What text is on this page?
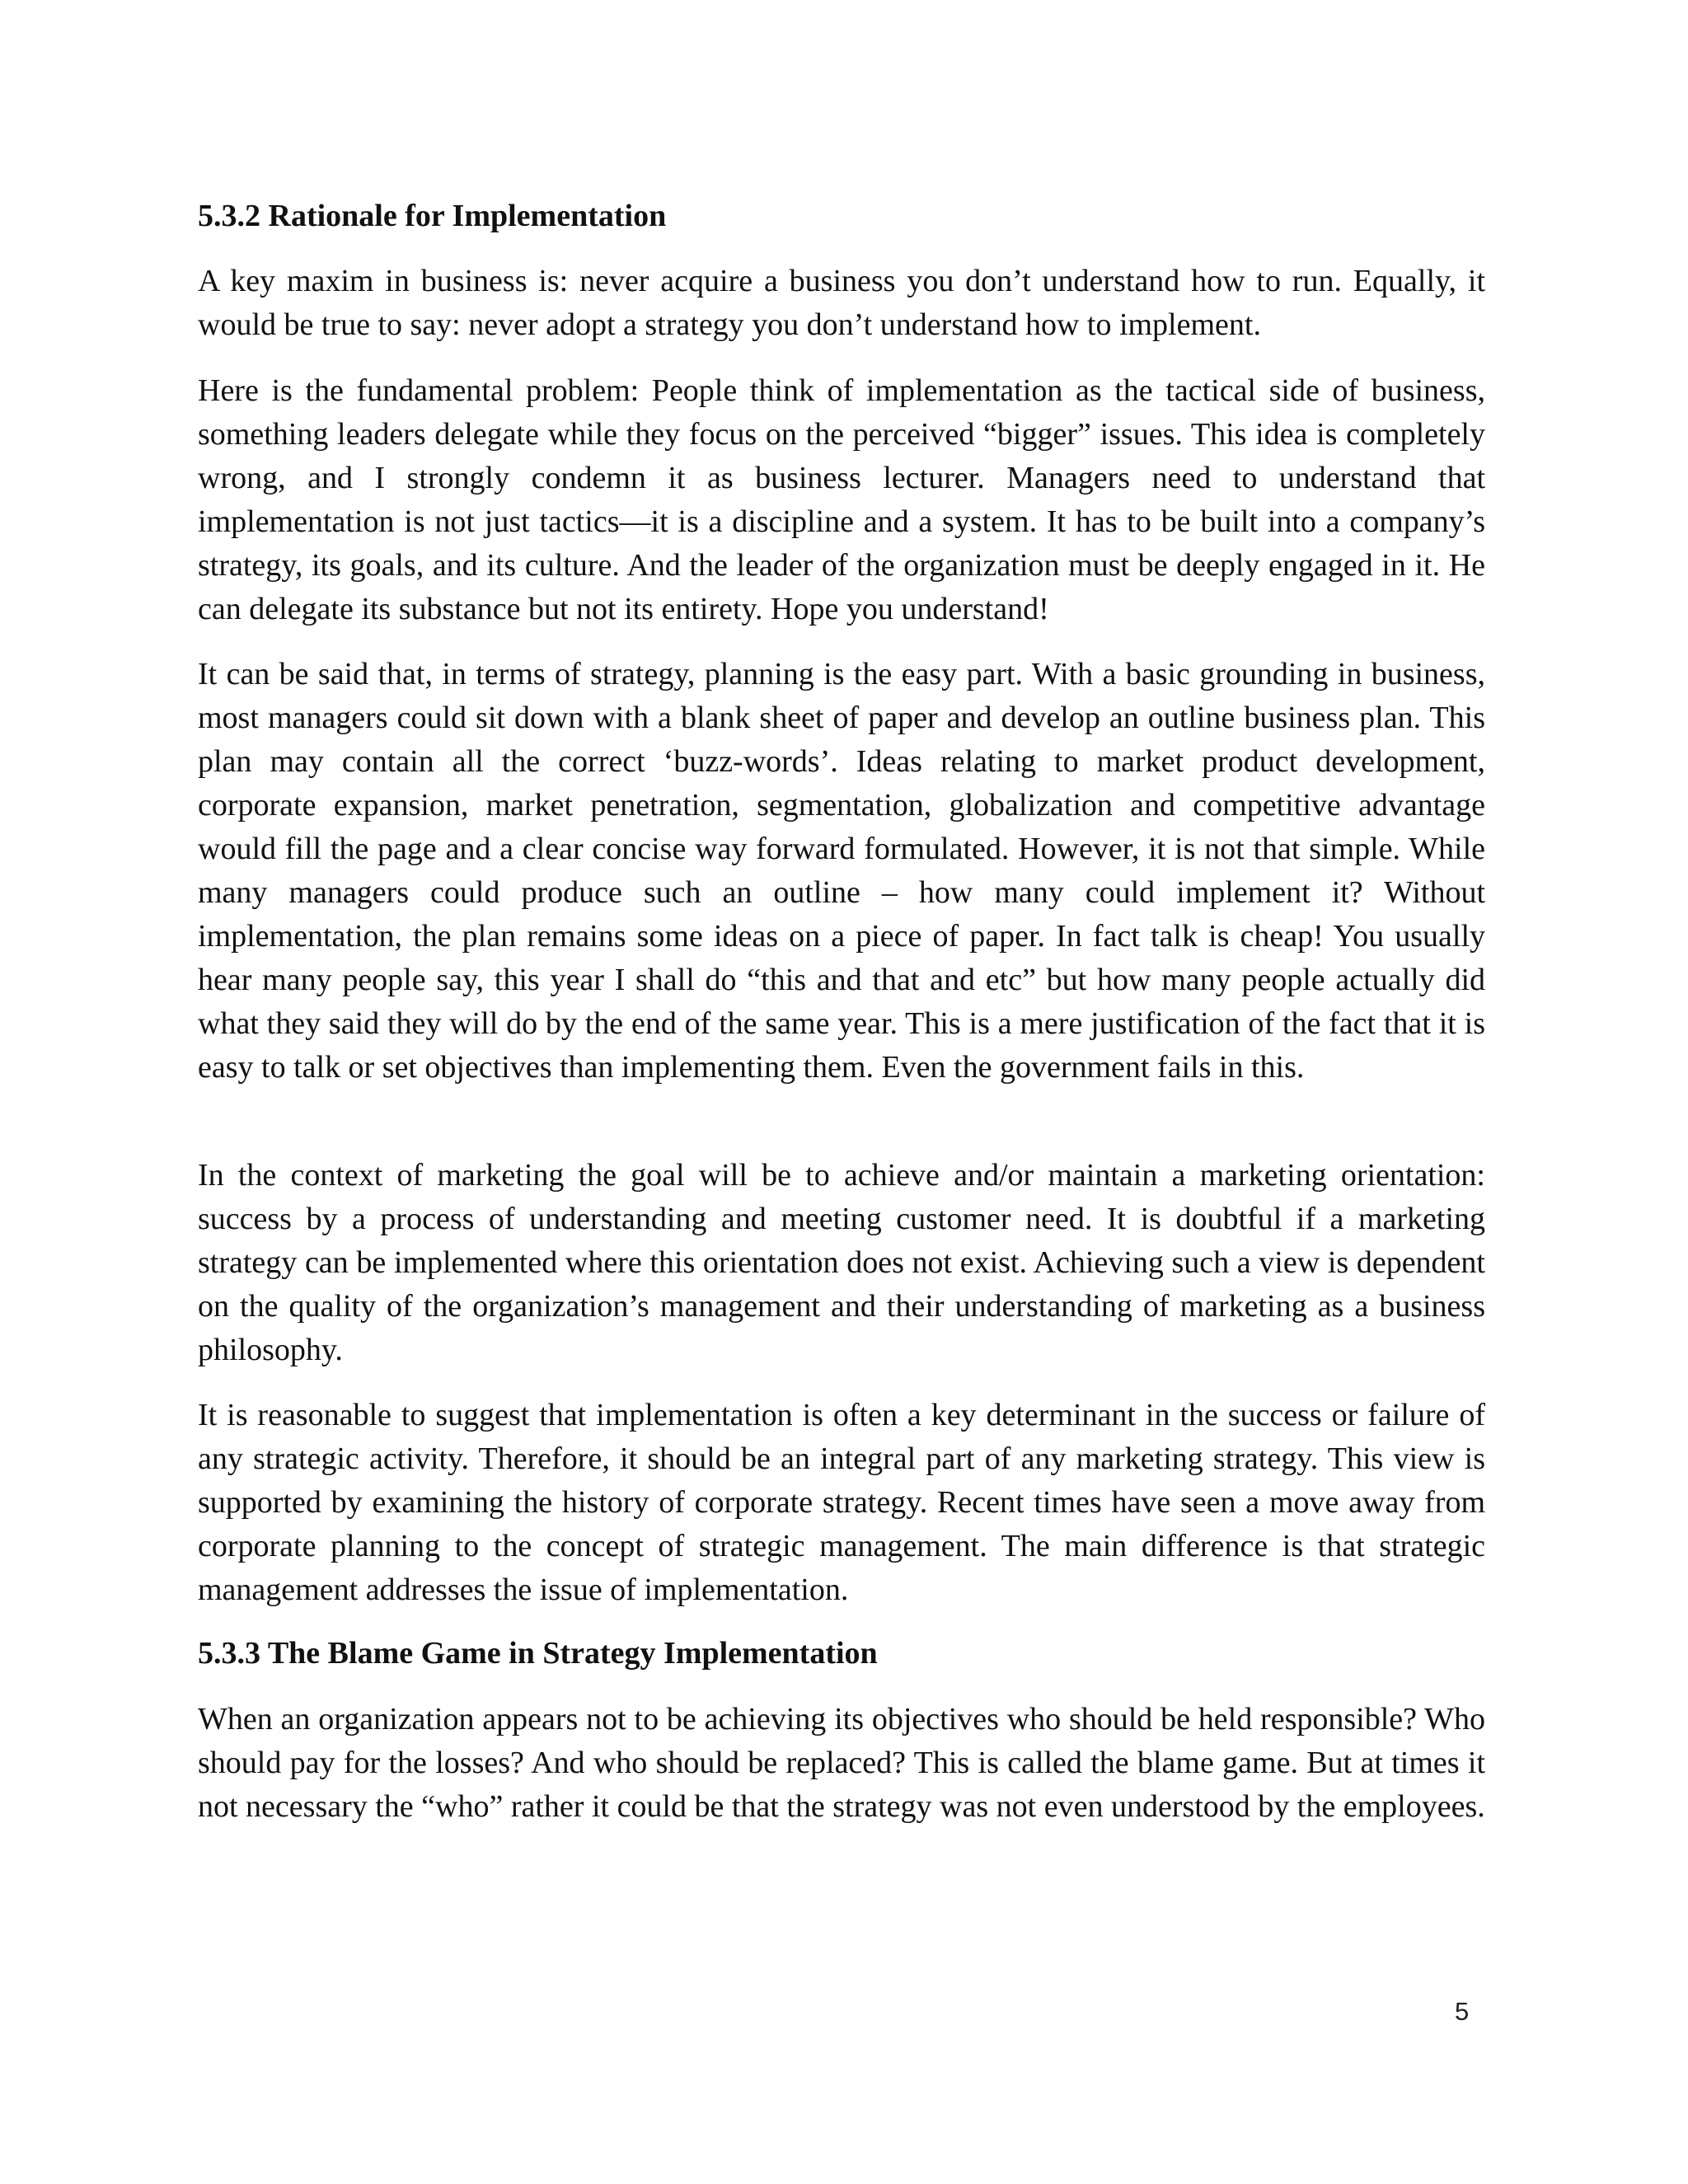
5.3.2 Rationale for Implementation

A key maxim in business is: never acquire a business you don’t understand how to run. Equally, it would be true to say: never adopt a strategy you don’t understand how to implement.

Here is the fundamental problem: People think of implementation as the tactical side of business, something leaders delegate while they focus on the perceived “bigger” issues. This idea is completely wrong, and I strongly condemn it as business lecturer. Managers need to understand that implementation is not just tactics—it is a discipline and a system. It has to be built into a company’s strategy, its goals, and its culture. And the leader of the organization must be deeply engaged in it. He can delegate its substance but not its entirety. Hope you understand!

It can be said that, in terms of strategy, planning is the easy part. With a basic grounding in business, most managers could sit down with a blank sheet of paper and develop an outline business plan. This plan may contain all the correct ‘buzz-words’. Ideas relating to market product development, corporate expansion, market penetration, segmentation, globalization and competitive advantage would fill the page and a clear concise way forward formulated. However, it is not that simple. While many managers could produce such an outline – how many could implement it? Without implementation, the plan remains some ideas on a piece of paper. In fact talk is cheap! You usually hear many people say, this year I shall do “this and that and etc” but how many people actually did what they said they will do by the end of the same year. This is a mere justification of the fact that it is easy to talk or set objectives than implementing them. Even the government fails in this.

In the context of marketing the goal will be to achieve and/or maintain a marketing orientation: success by a process of understanding and meeting customer need. It is doubtful if a marketing strategy can be implemented where this orientation does not exist. Achieving such a view is dependent on the quality of the organization’s management and their understanding of marketing as a business philosophy.

It is reasonable to suggest that implementation is often a key determinant in the success or failure of any strategic activity. Therefore, it should be an integral part of any marketing strategy. This view is supported by examining the history of corporate strategy. Recent times have seen a move away from corporate planning to the concept of strategic management. The main difference is that strategic management addresses the issue of implementation.

5.3.3 The Blame Game in Strategy Implementation

When an organization appears not to be achieving its objectives who should be held responsible? Who should pay for the losses? And who should be replaced? This is called the blame game. But at times it not necessary the “who” rather it could be that the strategy was not even understood by the employees.

5
